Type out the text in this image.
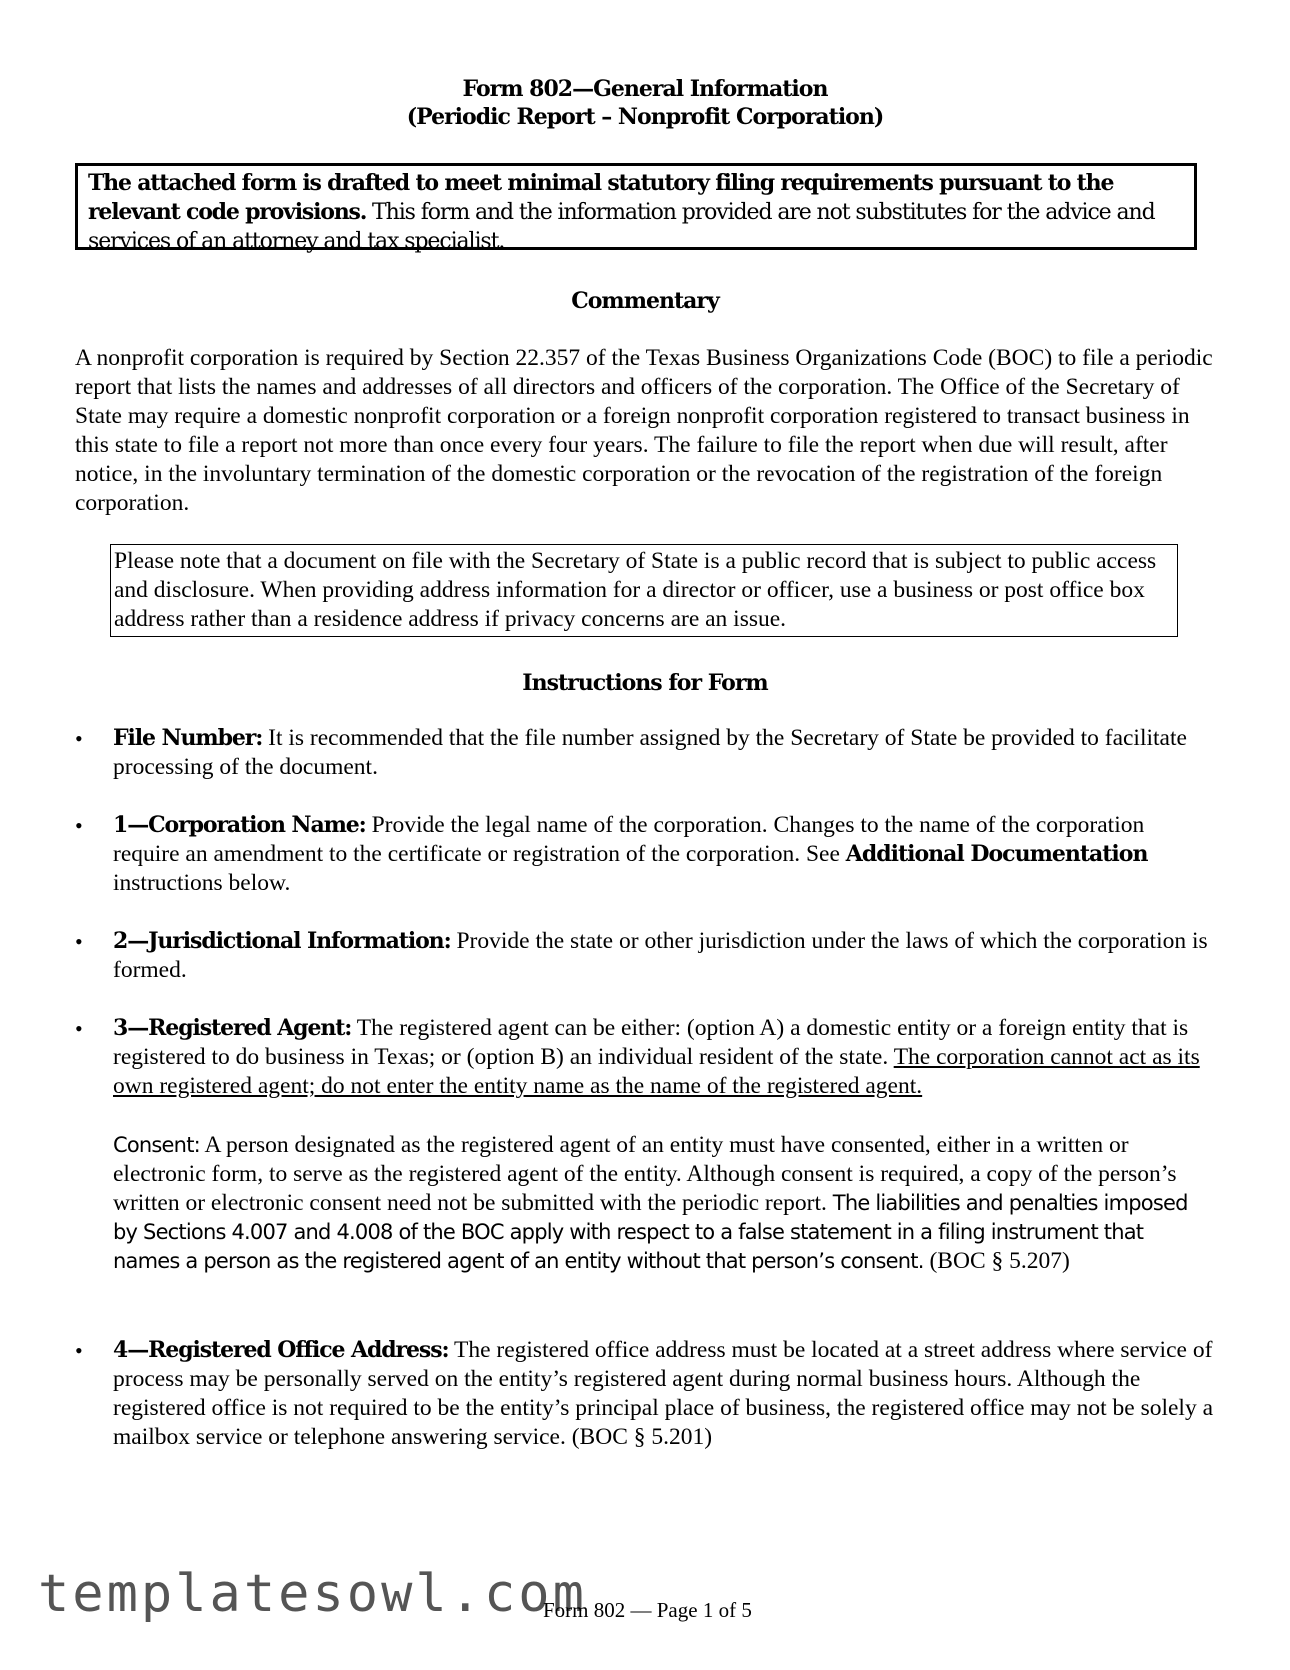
Form 802—General Information
(Periodic Report – Nonprofit Corporation)
The attached form is drafted to meet minimal statutory filing requirements pursuant to the relevant code provisions. This form and the information provided are not substitutes for the advice and services of an attorney and tax specialist.
Commentary
A nonprofit corporation is required by Section 22.357 of the Texas Business Organizations Code (BOC) to file a periodic report that lists the names and addresses of all directors and officers of the corporation. The Office of the Secretary of State may require a domestic nonprofit corporation or a foreign nonprofit corporation registered to transact business in this state to file a report not more than once every four years. The failure to file the report when due will result, after notice, in the involuntary termination of the domestic corporation or the revocation of the registration of the foreign corporation.
Please note that a document on file with the Secretary of State is a public record that is subject to public access and disclosure. When providing address information for a director or officer, use a business or post office box address rather than a residence address if privacy concerns are an issue.
Instructions for Form
• File Number: It is recommended that the file number assigned by the Secretary of State be provided to facilitate processing of the document.
• 1—Corporation Name: Provide the legal name of the corporation. Changes to the name of the corporation require an amendment to the certificate or registration of the corporation. See Additional Documentation instructions below.
• 2—Jurisdictional Information: Provide the state or other jurisdiction under the laws of which the corporation is formed.
• 3—Registered Agent: The registered agent can be either: (option A) a domestic entity or a foreign entity that is registered to do business in Texas; or (option B) an individual resident of the state. The corporation cannot act as its own registered agent; do not enter the entity name as the name of the registered agent.
Consent: A person designated as the registered agent of an entity must have consented, either in a written or electronic form, to serve as the registered agent of the entity. Although consent is required, a copy of the person’s written or electronic consent need not be submitted with the periodic report. The liabilities and penalties imposed by Sections 4.007 and 4.008 of the BOC apply with respect to a false statement in a filing instrument that names a person as the registered agent of an entity without that person’s consent. (BOC § 5.207)
• 4—Registered Office Address: The registered office address must be located at a street address where service of process may be personally served on the entity’s registered agent during normal business hours. Although the registered office is not required to be the entity’s principal place of business, the registered office may not be solely a mailbox service or telephone answering service. (BOC § 5.201)
templatesowl.com
Form 802 — Page 1 of 5
